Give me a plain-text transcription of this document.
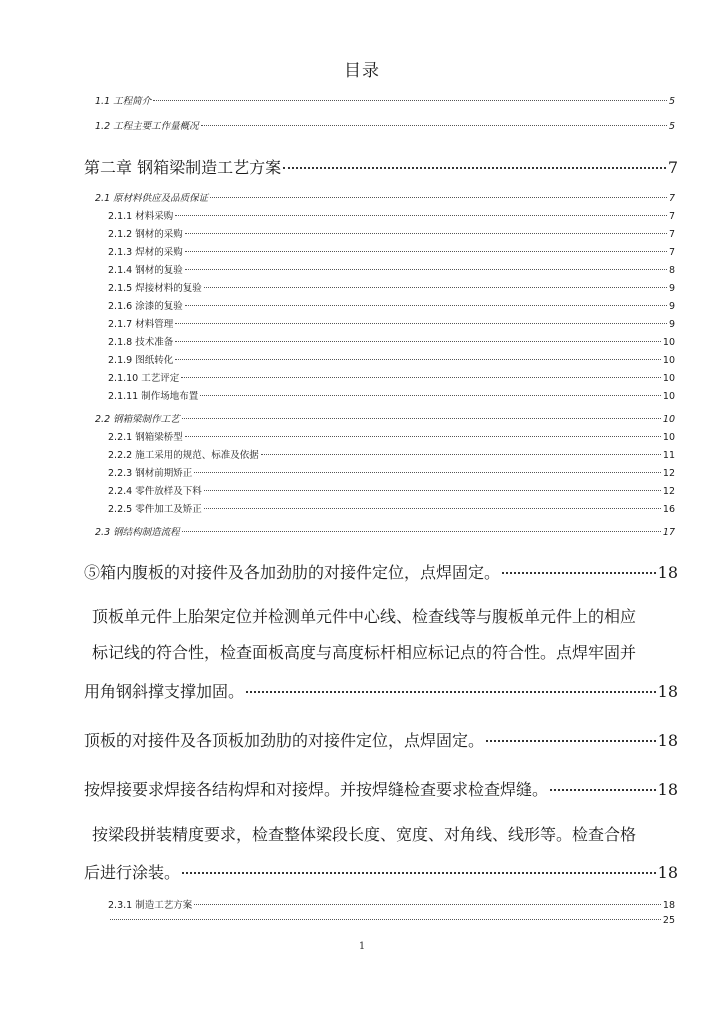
目录
1.1 工程简介	5
1.2 工程主要工作量概况	5
第二章 钢箱梁制造工艺方案	7
2.1 原材料供应及品质保证	7
2.1.1 材料采购	7
2.1.2 钢材的采购	7
2.1.3 焊材的采购	7
2.1.4 钢材的复验	8
2.1.5 焊接材料的复验	9
2.1.6 涂漆的复验	9
2.1.7 材料管理	9
2.1.8 技术准备	10
2.1.9 图纸转化	10
2.1.10 工艺评定	10
2.1.11 制作场地布置	10
2.2 钢箱梁制作工艺	10
2.2.1 钢箱梁桥型	10
2.2.2 施工采用的规范、标准及依据	11
2.2.3 钢材前期矫正	12
2.2.4 零件放样及下料	12
2.2.5 零件加工及矫正	16
2.3 钢结构制造流程	17
⑤箱内腹板的对接件及各加劲肋的对接件定位，点焊固定。	18
顶板单元件上胎架定位并检测单元件中心线、检查线等与腹板单元件上的相应
标记线的符合性，检查面板高度与高度标杆相应标记点的符合性。点焊牢固并
用角钢斜撑支撑加固。	18
顶板的对接件及各顶板加劲肋的对接件定位，点焊固定。	18
按焊接要求焊接各结构焊和对接焊。并按焊缝检查要求检查焊缝。	18
按梁段拼装精度要求，检查整体梁段长度、宽度、对角线、线形等。检查合格
后进行涂装。	18
2.3.1 制造工艺方案	18
25
1
